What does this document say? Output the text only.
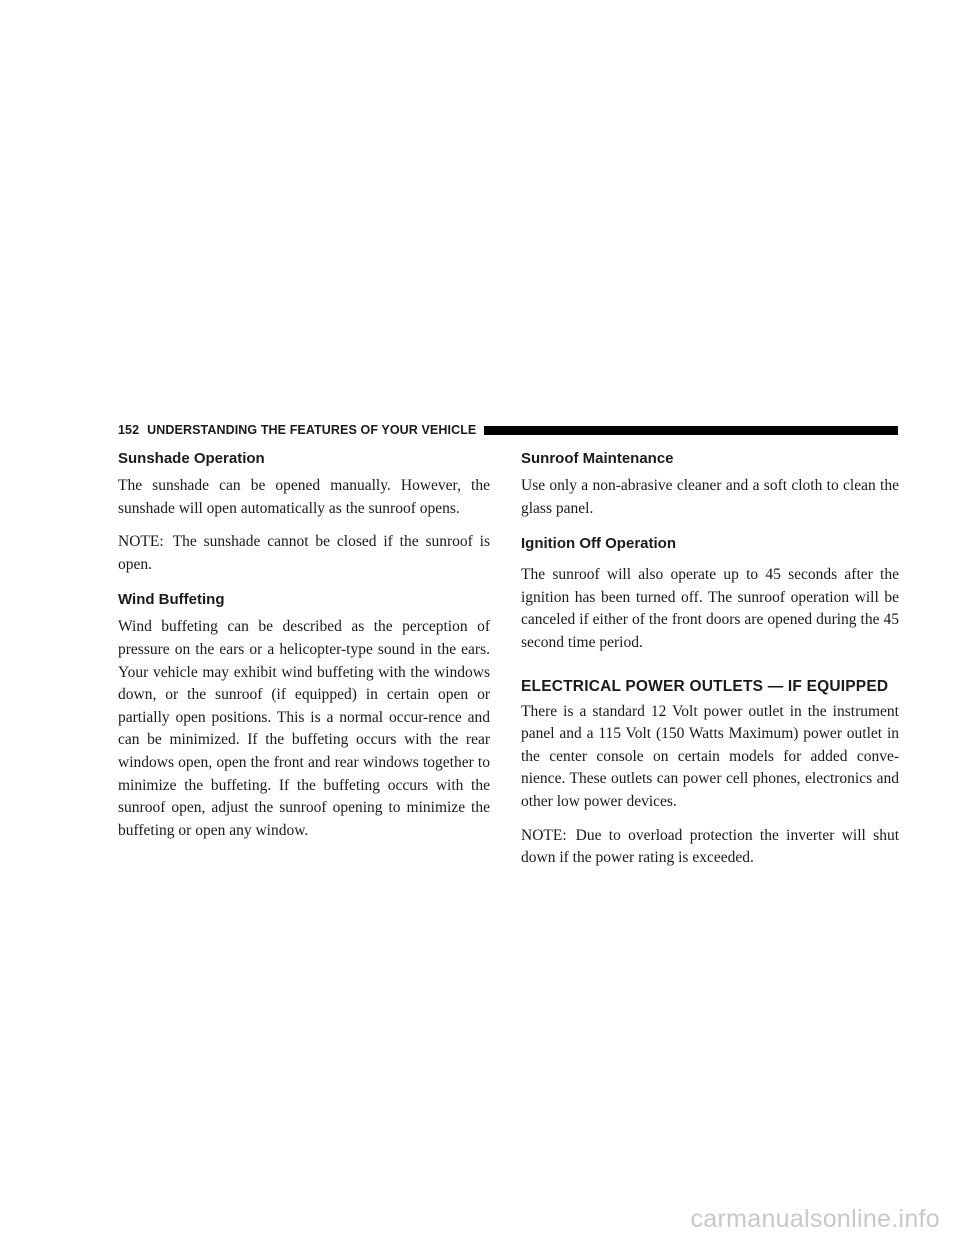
152 UNDERSTANDING THE FEATURES OF YOUR VEHICLE
Sunshade Operation

The sunshade can be opened manually. However, the sunshade will open automatically as the sunroof opens.

NOTE: The sunshade cannot be closed if the sunroof is open.

Wind Buffeting

Wind buffeting can be described as the perception of pressure on the ears or a helicopter-type sound in the ears. Your vehicle may exhibit wind buffeting with the windows down, or the sunroof (if equipped) in certain open or partially open positions. This is a normal occur-rence and can be minimized. If the buffeting occurs with the rear windows open, open the front and rear windows together to minimize the buffeting. If the buffeting occurs with the sunroof open, adjust the sunroof opening to minimize the buffeting or open any window.

Sunroof Maintenance

Use only a non-abrasive cleaner and a soft cloth to clean the glass panel.

Ignition Off Operation

The sunroof will also operate up to 45 seconds after the ignition has been turned off. The sunroof operation will be canceled if either of the front doors are opened during the 45 second time period.

ELECTRICAL POWER OUTLETS — IF EQUIPPED

There is a standard 12 Volt power outlet in the instrument panel and a 115 Volt (150 Watts Maximum) power outlet in the center console on certain models for added conve-nience. These outlets can power cell phones, electronics and other low power devices.

NOTE: Due to overload protection the inverter will shut down if the power rating is exceeded.

carmanualsonline.info
